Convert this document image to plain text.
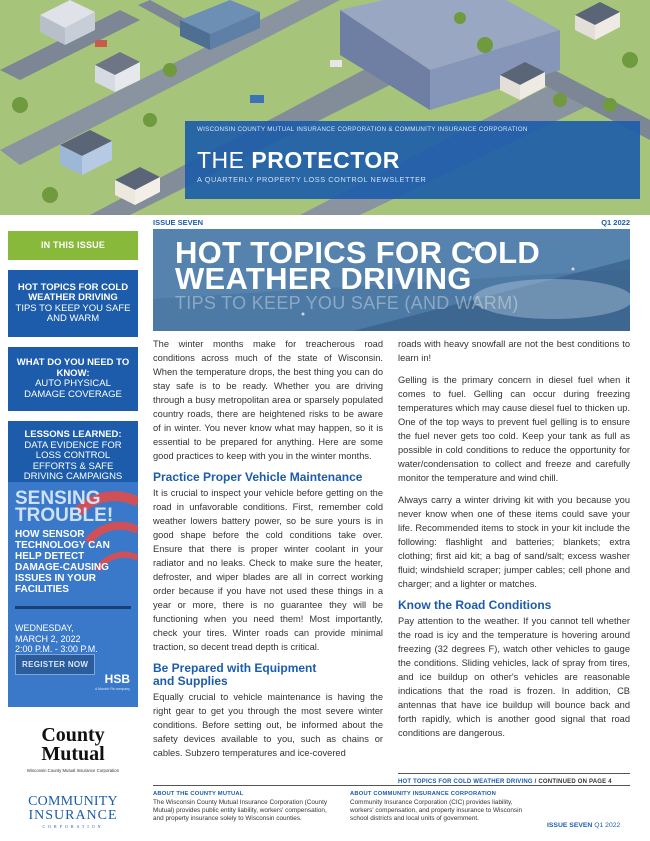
WISCONSIN COUNTY MUTUAL INSURANCE CORPORATION & COMMUNITY INSURANCE CORPORATION
THE PROTECTOR
A QUARTERLY PROPERTY LOSS CONTROL NEWSLETTER
ISSUE SEVEN	Q1 2022
IN THIS ISSUE
HOT TOPICS FOR COLD WEATHER DRIVING
TIPS TO KEEP YOU SAFE AND WARM
WHAT DO YOU NEED TO KNOW:
AUTO PHYSICAL DAMAGE COVERAGE
LESSONS LEARNED:
DATA EVIDENCE FOR LOSS CONTROL EFFORTS & SAFE DRIVING CAMPAIGNS
SENSING TROUBLE!
HOW SENSOR TECHNOLOGY CAN HELP DETECT DAMAGE-CAUSING ISSUES IN YOUR FACILITIES
WEDNESDAY,
MARCH 2, 2022
2:00 P.M. - 3:00 P.M.
REGISTER NOW
HSB
A Munich Re company
County
Mutual
Wisconsin County Mutual Insurance Corporation
COMMUNITY
INSURANCE
CORPORATION
HOT TOPICS FOR COLD
WEATHER DRIVING
TIPS TO KEEP YOU SAFE (AND WARM)

The winter months make for treacherous road conditions across much of the state of Wisconsin. When the temperature drops, the best thing you can do stay safe is to be ready. Whether you are driving through a busy metropolitan area or sparsely populated country roads, there are heightened risks to be aware of in winter. You never know what may happen, so it is essential to be prepared for anything. Here are some good practices to keep with you in the winter months.

Practice Proper Vehicle Maintenance

It is crucial to inspect your vehicle before getting on the road in unfavorable conditions. First, remember cold weather lowers battery power, so be sure yours is in good shape before the cold conditions take over. Ensure that there is proper winter coolant in your radiator and no leaks. Check to make sure the heater, defroster, and wiper blades are all in correct working order because if you have not used these things in a year or more, there is no guarantee they will be functioning when you need them! Most importantly, check your tires. Winter roads can provide minimal traction, so decent tread depth is critical.

Be Prepared with Equipment
and Supplies

Equally crucial to vehicle maintenance is having the right gear to get you through the most severe winter conditions. Before setting out, be informed about the safety devices available to you, such as chains or cables. Subzero temperatures and ice-covered

roads with heavy snowfall are not the best conditions to learn in!

Gelling is the primary concern in diesel fuel when it comes to fuel. Gelling can occur during freezing temperatures which may cause diesel fuel to thicken up. One of the top ways to prevent fuel gelling is to ensure the fuel never gets too cold. Keep your tank as full as possible in cold conditions to reduce the opportunity for water/condensation to collect and freeze and carefully monitor the temperature and wind chill.

Always carry a winter driving kit with you because you never know when one of these items could save your life. Recommended items to stock in your kit include the following: flashlight and batteries; blankets; extra clothing; first aid kit; a bag of sand/salt; excess washer fluid; windshield scraper; jumper cables; cell phone and charger; and a lighter or matches.

Know the Road Conditions

Pay attention to the weather. If you cannot tell whether the road is icy and the temperature is hovering around freezing (32 degrees F), watch other vehicles to gauge the conditions. Sliding vehicles, lack of spray from tires, and ice buildup on other's vehicles are reasonable indications that the road is frozen. In addition, CB antennas that have ice buildup will bounce back and forth rapidly, which is another good signal that road conditions are dangerous.

HOT TOPICS FOR COLD WEATHER DRIVING / CONTINUED ON PAGE 4
ABOUT THE COUNTY MUTUAL
The Wisconsin County Mutual Insurance Corporation (County Mutual) provides public entity liability, workers' compensation, and property insurance solely to Wisconsin counties.
ABOUT COMMUNITY INSURANCE CORPORATION
Community Insurance Corporation (CIC) provides liability, workers' compensation, and property insurance to Wisconsin school districts and local units of government.
ISSUE SEVEN Q1 2022
